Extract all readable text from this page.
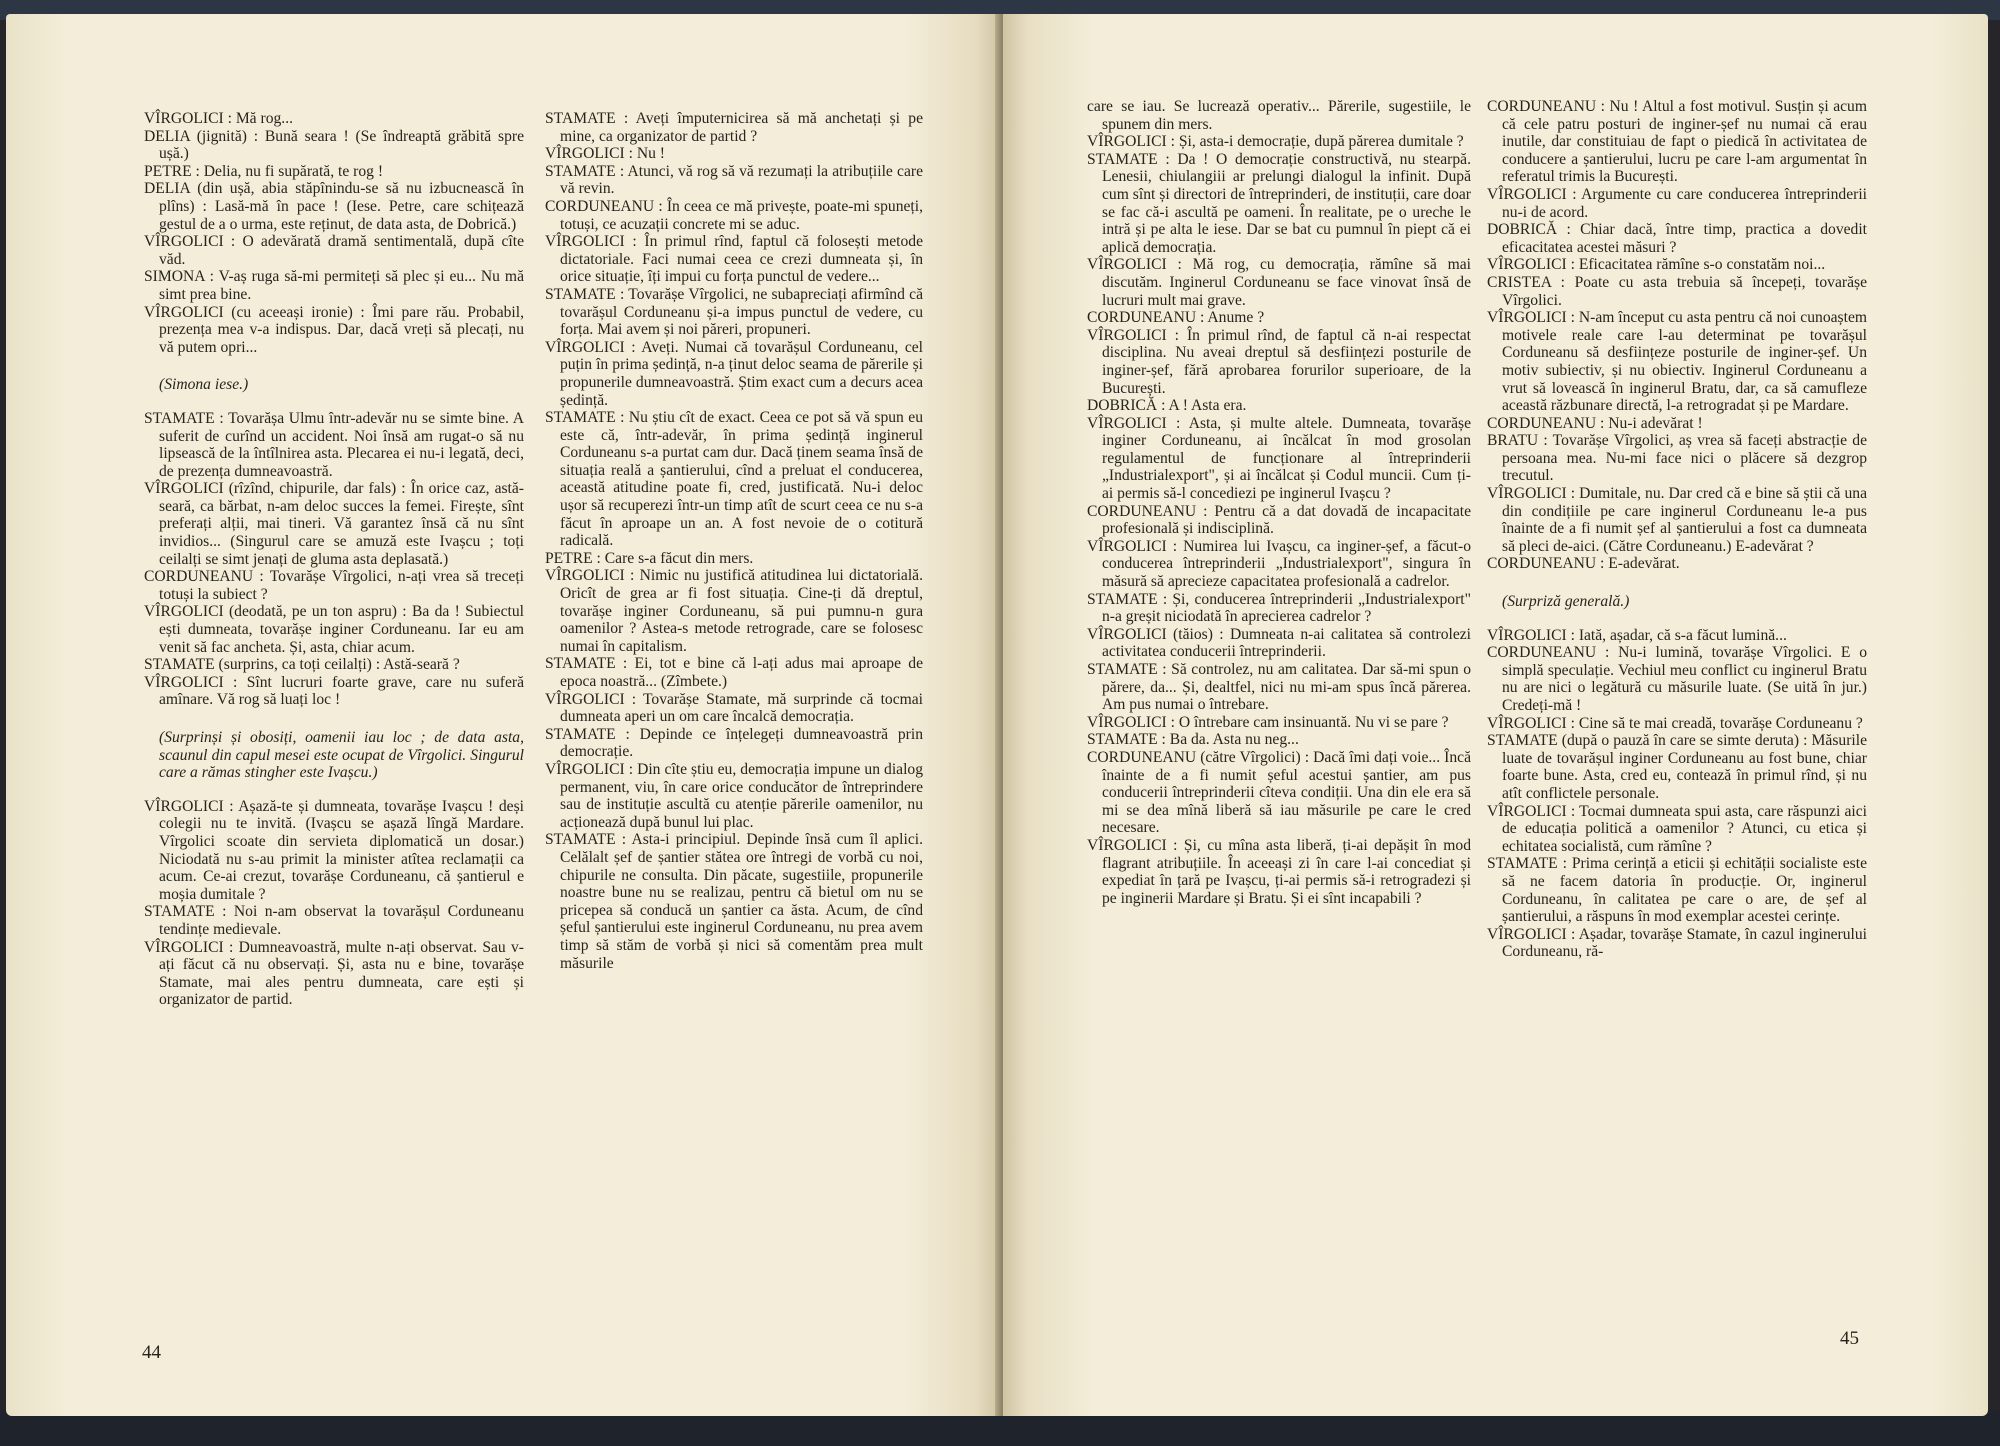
VÎRGOLICI : Mă rog...

DELIA (jignită) : Bună seara ! (Se îndreaptă grăbită spre ușă.)

PETRE : Delia, nu fi supărată, te rog !

DELIA (din ușă, abia stăpînindu-se să nu izbucnească în plîns) : Lasă-mă în pace ! (Iese. Petre, care schițează gestul de a o urma, este reținut, de data asta, de Dobrică.)

VÎRGOLICI : O adevărată dramă sentimentală, după cîte văd.

SIMONA : V-aș ruga să-mi permiteți să plec și eu... Nu mă simt prea bine.

VÎRGOLICI (cu aceeași ironie) : Îmi pare rău. Probabil, prezența mea v-a indispus. Dar, dacă vreți să plecați, nu vă putem opri...

(Simona iese.)

STAMATE : Tovarășa Ulmu într-adevăr nu se simte bine. A suferit de curînd un accident. Noi însă am rugat-o să nu lipsească de la întîlnirea asta. Plecarea ei nu-i legată, deci, de prezența dumneavoastră.

VÎRGOLICI (rîzînd, chipurile, dar fals) : În orice caz, astă-seară, ca bărbat, n-am deloc succes la femei. Firește, sînt preferați alții, mai tineri. Vă garantez însă că nu sînt invidios... (Singurul care se amuză este Ivașcu ; toți ceilalți se simt jenați de gluma asta deplasată.)

CORDUNEANU : Tovarășe Vîrgolici, n-ați vrea să treceți totuși la subiect ?

VÎRGOLICI (deodată, pe un ton aspru) : Ba da ! Subiectul ești dumneata, tovarășe inginer Corduneanu. Iar eu am venit să fac ancheta. Și, asta, chiar acum.

STAMATE (surprins, ca toți ceilalți) : Astă-seară ?

VÎRGOLICI : Sînt lucruri foarte grave, care nu suferă amînare. Vă rog să luați loc !

(Surprinși și obosiți, oamenii iau loc ; de data asta, scaunul din capul mesei este ocupat de Vîrgolici. Singurul care a rămas stingher este Ivașcu.)

VÎRGOLICI : Așază-te și dumneata, tovarășe Ivașcu ! deși colegii nu te invită. (Ivașcu se așază lîngă Mardare. Vîrgolici scoate din servieta diplomatică un dosar.) Niciodată nu s-au primit la minister atîtea reclamații ca acum. Ce-ai crezut, tovarășe Corduneanu, că șantierul e moșia dumitale ?

STAMATE : Noi n-am observat la tovarășul Corduneanu tendințe medievale.

VÎRGOLICI : Dumneavoastră, multe n-ați observat. Sau v-ați făcut că nu observați. Și, asta nu e bine, tovarășe Stamate, mai ales pentru dumneata, care ești și organizator de partid.

STAMATE : Aveți împuternicirea să mă anchetați și pe mine, ca organizator de partid ?

VÎRGOLICI : Nu !

STAMATE : Atunci, vă rog să vă rezumați la atribuțiile care vă revin.

CORDUNEANU : În ceea ce mă privește, poate-mi spuneți, totuși, ce acuzații concrete mi se aduc.

VÎRGOLICI : În primul rînd, faptul că folosești metode dictatoriale. Faci numai ceea ce crezi dumneata și, în orice situație, îți impui cu forța punctul de vedere...

STAMATE : Tovarășe Vîrgolici, ne subapreciați afirmînd că tovarășul Corduneanu și-a impus punctul de vedere, cu forța. Mai avem și noi păreri, propuneri.

VÎRGOLICI : Aveți. Numai că tovarășul Corduneanu, cel puțin în prima ședință, n-a ținut deloc seama de părerile și propunerile dumneavoastră. Știm exact cum a decurs acea ședință.

STAMATE : Nu știu cît de exact. Ceea ce pot să vă spun eu este că, într-adevăr, în prima ședință inginerul Corduneanu s-a purtat cam dur. Dacă ținem seama însă de situația reală a șantierului, cînd a preluat el conducerea, această atitudine poate fi, cred, justificată. Nu-i deloc ușor să recuperezi într-un timp atît de scurt ceea ce nu s-a făcut în aproape un an. A fost nevoie de o cotitură radicală.

PETRE : Care s-a făcut din mers.

VÎRGOLICI : Nimic nu justifică atitudinea lui dictatorială. Oricît de grea ar fi fost situația. Cine-ți dă dreptul, tovarășe inginer Corduneanu, să pui pumnu-n gura oamenilor ? Astea-s metode retrograde, care se folosesc numai în capitalism.

STAMATE : Ei, tot e bine că l-ați adus mai aproape de epoca noastră... (Zîmbete.)

VÎRGOLICI : Tovarășe Stamate, mă surprinde că tocmai dumneata aperi un om care încalcă democrația.

STAMATE : Depinde ce înțelegeți dumneavoastră prin democrație.

VÎRGOLICI : Din cîte știu eu, democrația impune un dialog permanent, viu, în care orice conducător de întreprindere sau de instituție ascultă cu atenție părerile oamenilor, nu acționează după bunul lui plac.

STAMATE : Asta-i principiul. Depinde însă cum îl aplici. Celălalt șef de șantier stătea ore întregi de vorbă cu noi, chipurile ne consulta. Din păcate, sugestiile, propunerile noastre bune nu se realizau, pentru că bietul om nu se pricepea să conducă un șantier ca ăsta. Acum, de cînd șeful șantierului este inginerul Corduneanu, nu prea avem timp să stăm de vorbă și nici să comentăm prea mult măsurile

44

care se iau. Se lucrează operativ... Părerile, sugestiile, le spunem din mers.

VÎRGOLICI : Și, asta-i democrație, după părerea dumitale ?

STAMATE : Da ! O democrație constructivă, nu stearpă. Lenesii, chiulangiii ar prelungi dialogul la infinit. După cum sînt și directori de întreprinderi, de instituții, care doar se fac că-i ascultă pe oameni. În realitate, pe o ureche le intră și pe alta le iese. Dar se bat cu pumnul în piept că ei aplică democrația.

VÎRGOLICI : Mă rog, cu democrația, rămîne să mai discutăm. Inginerul Corduneanu se face vinovat însă de lucruri mult mai grave.

CORDUNEANU : Anume ?

VÎRGOLICI : În primul rînd, de faptul că n-ai respectat disciplina. Nu aveai dreptul să desființezi posturile de inginer-șef, fără aprobarea forurilor superioare, de la București.

DOBRICĂ : A ! Asta era.

VÎRGOLICI : Asta, și multe altele. Dumneata, tovarășe inginer Corduneanu, ai încălcat în mod grosolan regulamentul de funcționare al întreprinderii „Industrialexport", și ai încălcat și Codul muncii. Cum ți-ai permis să-l concediezi pe inginerul Ivașcu ?

CORDUNEANU : Pentru că a dat dovadă de incapacitate profesională și indisciplină.

VÎRGOLICI : Numirea lui Ivașcu, ca inginer-șef, a făcut-o conducerea întreprinderii „Industrialexport", singura în măsură să aprecieze capacitatea profesională a cadrelor.

STAMATE : Și, conducerea întreprinderii „Industrialexport" n-a greșit niciodată în aprecierea cadrelor ?

VÎRGOLICI (tăios) : Dumneata n-ai calitatea să controlezi activitatea conducerii întreprinderii.

STAMATE : Să controlez, nu am calitatea. Dar să-mi spun o părere, da... Și, dealtfel, nici nu mi-am spus încă părerea. Am pus numai o întrebare.

VÎRGOLICI : O întrebare cam insinuantă. Nu vi se pare ?

STAMATE : Ba da. Asta nu neg...

CORDUNEANU (către Vîrgolici) : Dacă îmi dați voie... Încă înainte de a fi numit șeful acestui șantier, am pus conducerii întreprinderii cîteva condiții. Una din ele era să mi se dea mînă liberă să iau măsurile pe care le cred necesare.

VÎRGOLICI : Și, cu mîna asta liberă, ți-ai depășit în mod flagrant atribuțiile. În aceeași zi în care l-ai concediat și expediat în țară pe Ivașcu, ți-ai permis să-i retrogradezi și pe inginerii Mardare și Bratu. Și ei sînt incapabili ?

CORDUNEANU : Nu ! Altul a fost motivul. Susțin și acum că cele patru posturi de inginer-șef nu numai că erau inutile, dar constituiau de fapt o piedică în activitatea de conducere a șantierului, lucru pe care l-am argumentat în referatul trimis la București.

VÎRGOLICI : Argumente cu care conducerea întreprinderii nu-i de acord.

DOBRICĂ : Chiar dacă, între timp, practica a dovedit eficacitatea acestei măsuri ?

VÎRGOLICI : Eficacitatea rămîne s-o constatăm noi...

CRISTEA : Poate cu asta trebuia să începeți, tovarășe Vîrgolici.

VÎRGOLICI : N-am început cu asta pentru că noi cunoaștem motivele reale care l-au determinat pe tovarășul Corduneanu să desființeze posturile de inginer-șef. Un motiv subiectiv, și nu obiectiv. Inginerul Corduneanu a vrut să lovească în inginerul Bratu, dar, ca să camufleze această răzbunare directă, l-a retrogradat și pe Mardare.

CORDUNEANU : Nu-i adevărat !

BRATU : Tovarășe Vîrgolici, aș vrea să faceți abstracție de persoana mea. Nu-mi face nici o plăcere să dezgrop trecutul.

VÎRGOLICI : Dumitale, nu. Dar cred că e bine să știi că una din condițiile pe care inginerul Corduneanu le-a pus înainte de a fi numit șef al șantierului a fost ca dumneata să pleci de-aici. (Către Corduneanu.) E-adevărat ?

CORDUNEANU : E-adevărat.

(Surpriză generală.)

VÎRGOLICI : Iată, așadar, că s-a făcut lumină...

CORDUNEANU : Nu-i lumină, tovarășe Vîrgolici. E o simplă speculație. Vechiul meu conflict cu inginerul Bratu nu are nici o legătură cu măsurile luate. (Se uită în jur.) Credeți-mă !

VÎRGOLICI : Cine să te mai creadă, tovarășe Corduneanu ?

STAMATE (după o pauză în care se simte deruta) : Măsurile luate de tovarășul inginer Corduneanu au fost bune, chiar foarte bune. Asta, cred eu, contează în primul rînd, și nu atît conflictele personale.

VÎRGOLICI : Tocmai dumneata spui asta, care răspunzi aici de educația politică a oamenilor ? Atunci, cu etica și echitatea socialistă, cum rămîne ?

STAMATE : Prima cerință a eticii și echității socialiste este să ne facem datoria în producție. Or, inginerul Corduneanu, în calitatea pe care o are, de șef al șantierului, a răspuns în mod exemplar acestei cerințe.

VÎRGOLICI : Așadar, tovarășe Stamate, în cazul inginerului Corduneanu, ră-

45
